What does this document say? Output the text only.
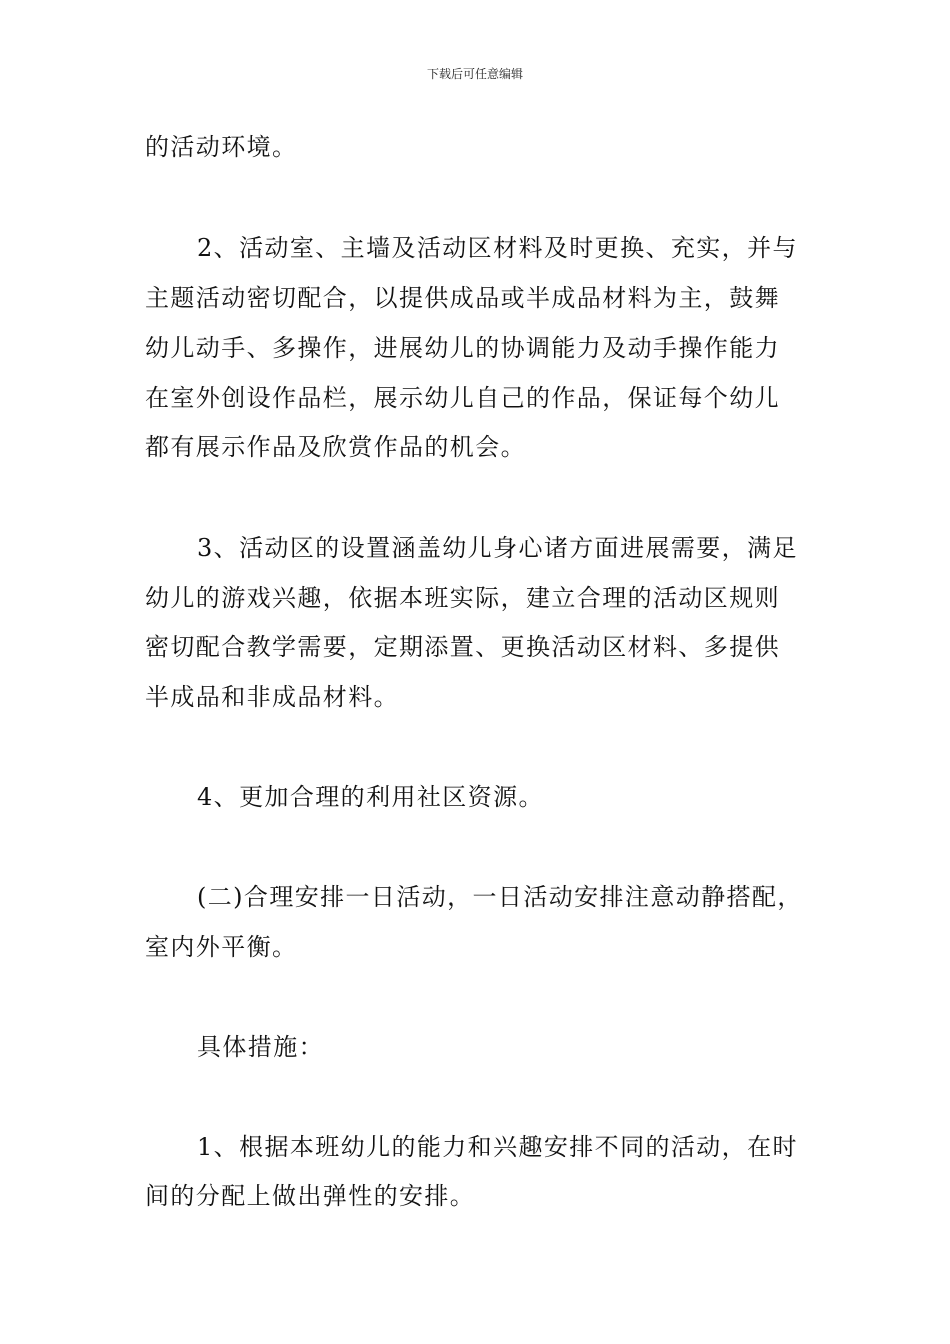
下载后可任意编辑
的活动环境。
2、活动室、主墙及活动区材料及时更换、充实，并与
主题活动密切配合，以提供成品或半成品材料为主，鼓舞
幼儿动手、多操作，进展幼儿的协调能力及动手操作能力
在室外创设作品栏，展示幼儿自己的作品，保证每个幼儿
都有展示作品及欣赏作品的机会。
3、活动区的设置涵盖幼儿身心诸方面进展需要，满足
幼儿的游戏兴趣，依据本班实际，建立合理的活动区规则
密切配合教学需要，定期添置、更换活动区材料、多提供
半成品和非成品材料。
4、更加合理的利用社区资源。
(二)合理安排一日活动，一日活动安排注意动静搭配，
室内外平衡。
具体措施：
1、根据本班幼儿的能力和兴趣安排不同的活动，在时
间的分配上做出弹性的安排。
